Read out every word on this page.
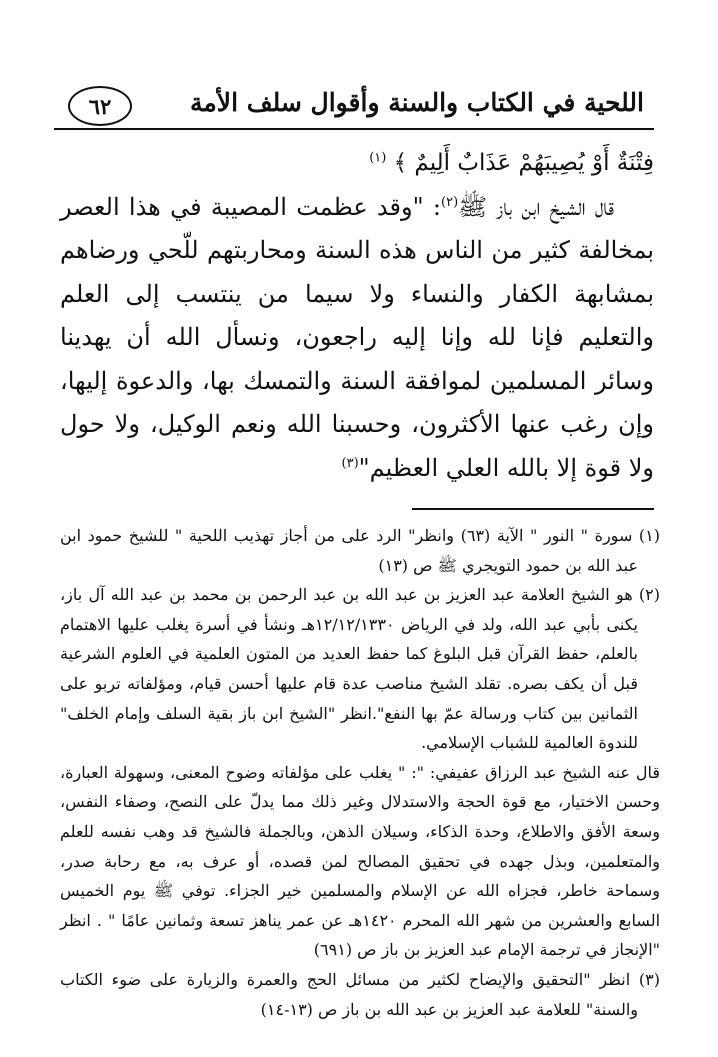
اللحية في الكتاب والسنة وأقوال سلف الأمة
٦٢

فِتْنَةٌ أَوْ يُصِيبَهُمْ عَذَابٌ أَلِيمٌ ﴾ $^{(١)}$

قال الشيخ ابن باز ﷺ$^{(٢)}$: "وقد عظمت المصيبة في هذا العصر بمخالفة كثير من الناس هذه السنة ومحاربتهم للّحي ورضاهم بمشابهة الكفار والنساء ولا سيما من ينتسب إلى العلم والتعليم فإنا لله وإنا إليه راجعون، ونسأل الله أن يهدينا وسائر المسلمين لموافقة السنة والتمسك بها، والدعوة إليها، وإن رغب عنها الأكثرون، وحسبنا الله ونعم الوكيل، ولا حول ولا قوة إلا بالله العلي العظيم"$^{(٣)}$

(١) سورة " النور " الآية (٦٣) وانظر" الرد على من أجاز تهذيب اللحية " للشيخ حمود ابن عبد الله بن حمود التويجري ﷺ ص (١٣)

(٢) هو الشيخ العلامة عبد العزيز بن عبد الله بن عبد الرحمن بن محمد بن عبد الله آل باز، يكنى بأبي عبد الله، ولد في الرياض ١٢/١٢/١٣٣٠هـ ونشأ في أسرة يغلب عليها الاهتمام بالعلم، حفظ القرآن قبل البلوغ كما حفظ العديد من المتون العلمية في العلوم الشرعية قبل أن يكف بصره. تقلد الشيخ مناصب عدة قام عليها أحسن قيام، ومؤلفاته تربو على الثمانين بين كتاب ورسالة عمّ بها النفع".انظر "الشيخ ابن باز بقية السلف وإمام الخلف" للندوة العالمية للشباب الإسلامي.

قال عنه الشيخ عبد الرزاق عفيفي: ": " يغلب على مؤلفاته وضوح المعنى، وسهولة العبارة، وحسن الاختيار، مع قوة الحجة والاستدلال وغير ذلك مما يدلّ على النصح، وصفاء النفس، وسعة الأفق والاطلاع، وحدة الذكاء، وسيلان الذهن، وبالجملة فالشيخ قد وهب نفسه للعلم والمتعلمين، وبذل جهده في تحقيق المصالح لمن قصده، أو عرف به، مع رحابة صدر، وسماحة خاطر، فجزاه الله عن الإسلام والمسلمين خير الجزاء. توفي ﷺ يوم الخميس السابع والعشرين من شهر الله المحرم ١٤٢٠هـ عن عمر يناهز تسعة وثمانين عامًا " . انظر "الإنجاز في ترجمة الإمام عبد العزيز بن باز ص (٦٩١)

(٣) انظر "التحقيق والإيضاح لكثير من مسائل الحج والعمرة والزيارة على ضوء الكتاب والسنة" للعلامة عبد العزيز بن عبد الله بن باز ص (١٣-١٤)
